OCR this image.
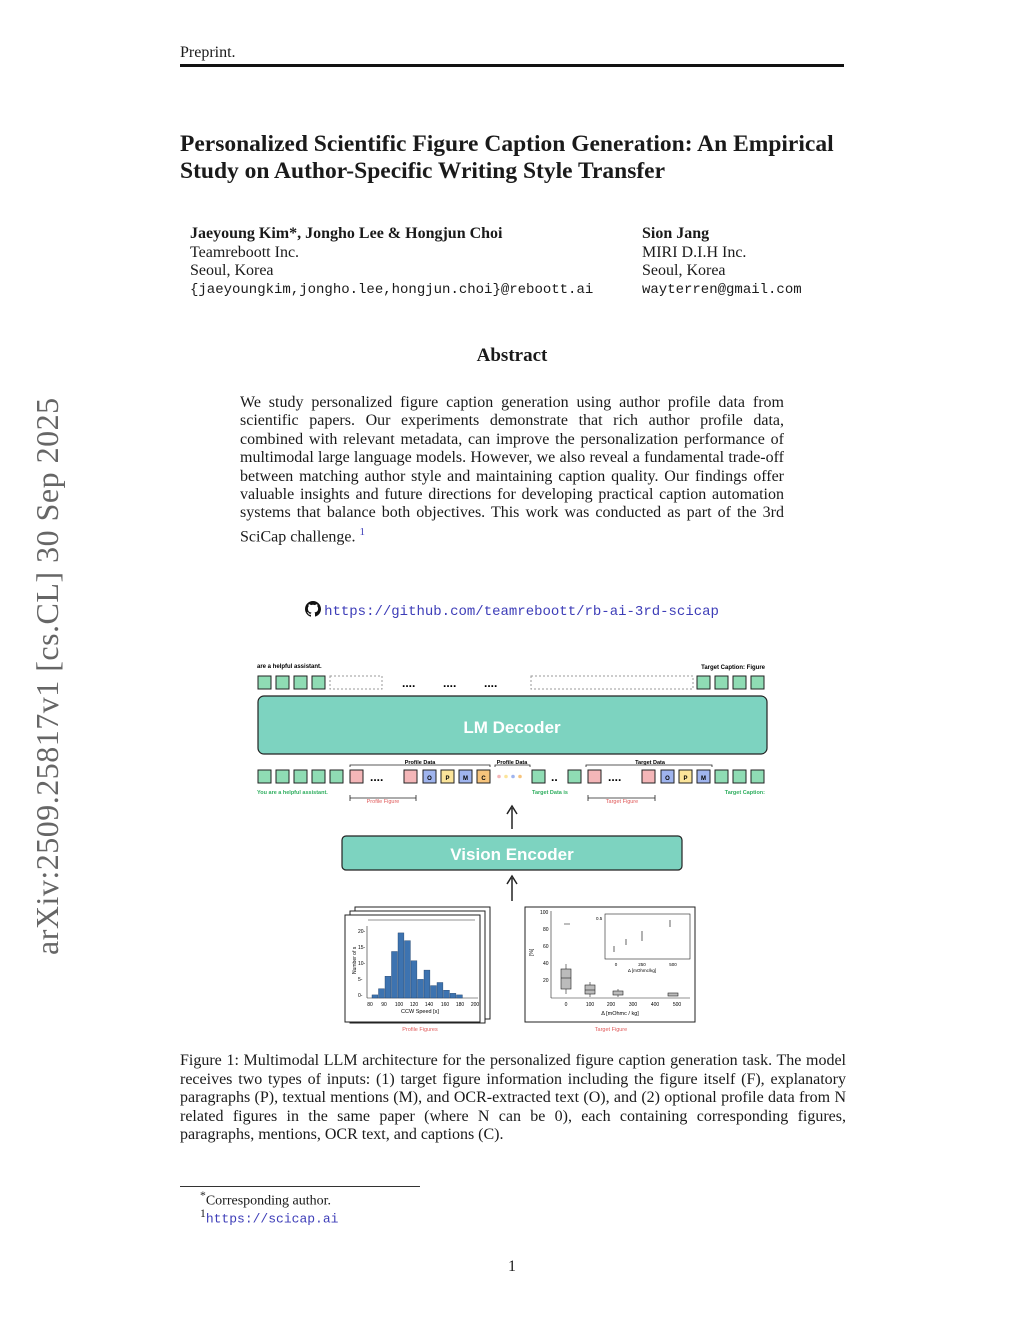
Preprint.
Personalized Scientific Figure Caption Generation: An Empirical Study on Author-Specific Writing Style Transfer
Jaeyoung Kim*, Jongho Lee & Hongjun Choi
Teamreboott Inc.
Seoul, Korea
{jaeyoungkim,jongho.lee,hongjun.choi}@reboott.ai
Sion Jang
MIRI D.I.H Inc.
Seoul, Korea
wayterren@gmail.com
Abstract
We study personalized figure caption generation using author profile data from scientific papers. Our experiments demonstrate that rich author profile data, combined with relevant metadata, can improve the personalization performance of multimodal large language models. However, we also reveal a fundamental trade-off between matching author style and maintaining caption quality. Our findings offer valuable insights and future directions for developing practical caption automation systems that balance both objectives. This work was conducted as part of the 3rd SciCap challenge. $^1$
https://github.com/teamreboott/rb-ai-3rd-scicap
arXiv:2509.25817v1 [cs.CL] 30 Sep 2025	are a helpful assistant.	Target Caption: Figure
.... .... ....
LM Decoder
Profile Data	Profile Data	Target Data
....	O P M C	..	....	O P M
You are a helpful assistant.	Target Data is	Target Caption:
Profile Figure	Target Figure
Vision Encoder
Number of s
20-
15-
10-
5-
0-
80 90 100 120 140 160 180 200
CCW Speed [s]
Profile Figures
[%]
100
80
60
40
20
0.5
0	250	500
Δ [mOhmc/kg]
0	100	200	300	400	500
Δ [mOhmc / kg]
Target Figure
Figure 1: Multimodal LLM architecture for the personalized figure caption generation task. The model receives two types of inputs: (1) target figure information including the figure itself (F), explanatory paragraphs (P), textual mentions (M), and OCR-extracted text (O), and (2) optional profile data from N related figures in the same paper (where N can be 0), each containing corresponding figures, paragraphs, mentions, OCR text, and captions (C).
*Corresponding author.
$^1$https://scicap.ai
1
